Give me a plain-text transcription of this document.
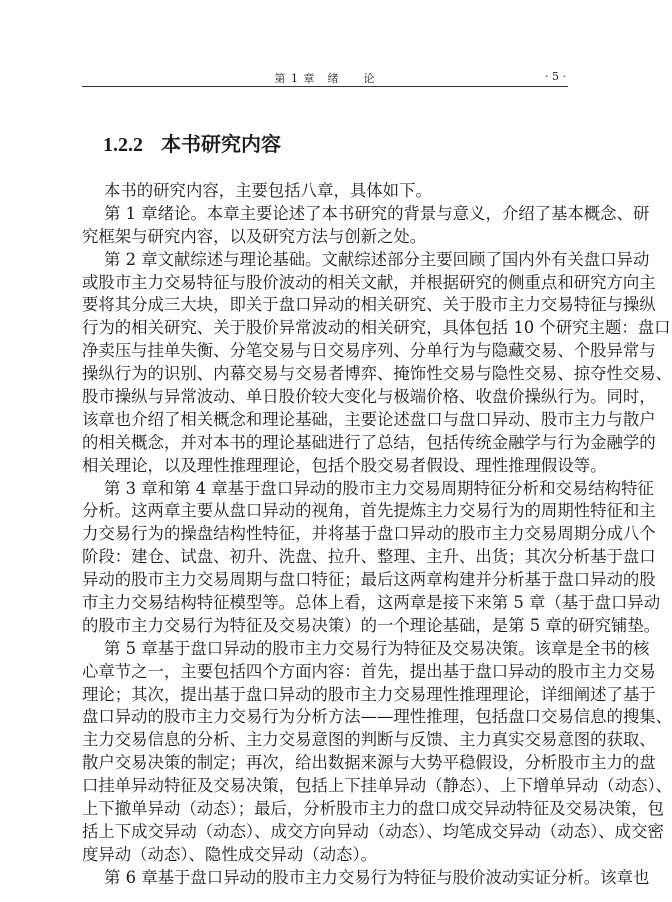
第 1 章　绪　　论	· 5 ·
1.2.2 本书研究内容
本书的研究内容，主要包括八章，具体如下。
第 1 章绪论。本章主要论述了本书研究的背景与意义，介绍了基本概念、研
究框架与研究内容，以及研究方法与创新之处。
第 2 章文献综述与理论基础。文献综述部分主要回顾了国内外有关盘口异动
或股市主力交易特征与股价波动的相关文献，并根据研究的侧重点和研究方向主
要将其分成三大块，即关于盘口异动的相关研究、关于股市主力交易特征与操纵
行为的相关研究、关于股价异常波动的相关研究，具体包括 10 个研究主题：盘口
净卖压与挂单失衡、分笔交易与日交易序列、分单行为与隐藏交易、个股异常与
操纵行为的识别、内幕交易与交易者博弈、掩饰性交易与隐性交易、掠夺性交易、
股市操纵与异常波动、单日股价较大变化与极端价格、收盘价操纵行为。同时，
该章也介绍了相关概念和理论基础，主要论述盘口与盘口异动、股市主力与散户
的相关概念，并对本书的理论基础进行了总结，包括传统金融学与行为金融学的
相关理论，以及理性推理理论，包括个股交易者假设、理性推理假设等。
第 3 章和第 4 章基于盘口异动的股市主力交易周期特征分析和交易结构特征
分析。这两章主要从盘口异动的视角，首先提炼主力交易行为的周期性特征和主
力交易行为的操盘结构性特征，并将基于盘口异动的股市主力交易周期分成八个
阶段：建仓、试盘、初升、洗盘、拉升、整理、主升、出货；其次分析基于盘口
异动的股市主力交易周期与盘口特征；最后这两章构建并分析基于盘口异动的股
市主力交易结构特征模型等。总体上看，这两章是接下来第 5 章（基于盘口异动
的股市主力交易行为特征及交易决策）的一个理论基础，是第 5 章的研究铺垫。
第 5 章基于盘口异动的股市主力交易行为特征及交易决策。该章是全书的核
心章节之一，主要包括四个方面内容：首先，提出基于盘口异动的股市主力交易
理论；其次，提出基于盘口异动的股市主力交易理性推理理论，详细阐述了基于
盘口异动的股市主力交易行为分析方法——理性推理，包括盘口交易信息的搜集、
主力交易信息的分析、主力交易意图的判断与反馈、主力真实交易意图的获取、
散户交易决策的制定；再次，给出数据来源与大势平稳假设，分析股市主力的盘
口挂单异动特征及交易决策，包括上下挂单异动（静态）、上下增单异动（动态）、
上下撤单异动（动态）；最后，分析股市主力的盘口成交异动特征及交易决策，包
括上下成交异动（动态）、成交方向异动（动态）、均笔成交异动（动态）、成交密
度异动（动态）、隐性成交异动（动态）。
第 6 章基于盘口异动的股市主力交易行为特征与股价波动实证分析。该章也
